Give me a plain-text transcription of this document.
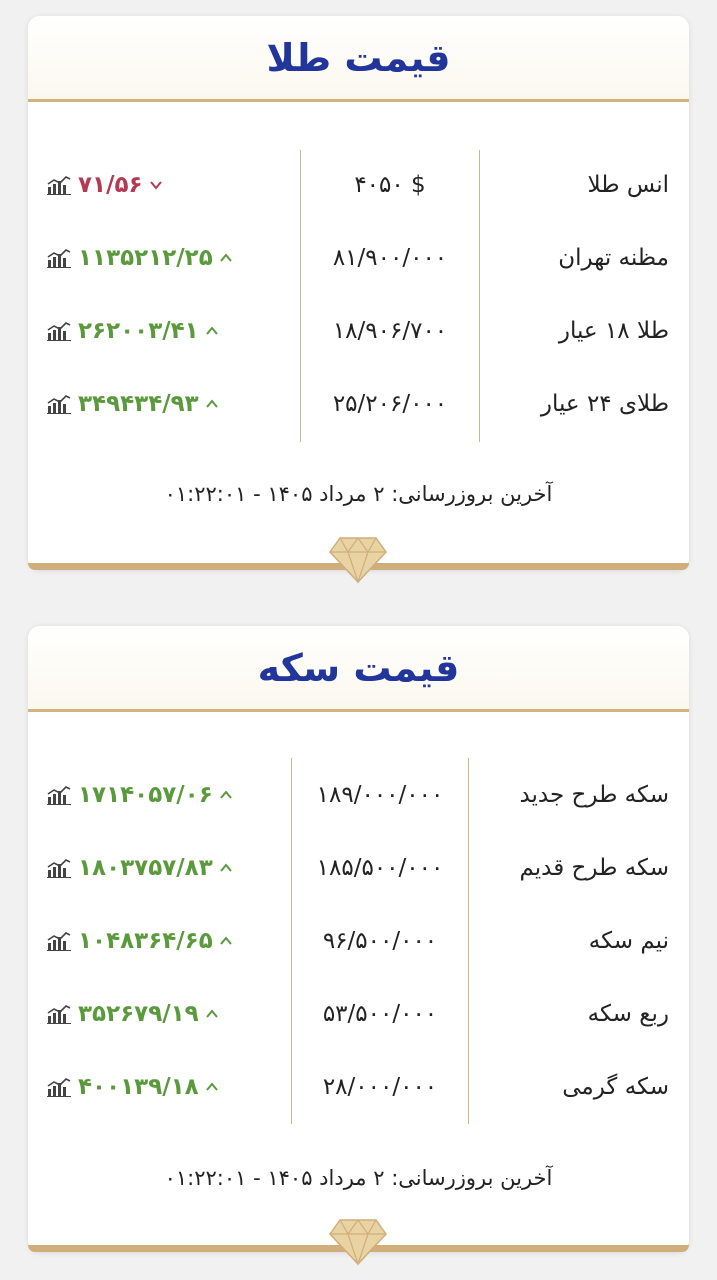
قیمت طلا
انس طلا
۴۰۵۰ $
۷۱/۵۶
مظنه تهران
۸۱/۹۰۰/۰۰۰
۱۱۳۵۲۱۲/۲۵
طلا ۱۸ عیار
۱۸/۹۰۶/۷۰۰
۲۶۲۰۰۳/۴۱
طلای ۲۴ عیار
۲۵/۲۰۶/۰۰۰
۳۴۹۴۳۴/۹۳
آخرین بروزرسانی: ۲ مرداد ۱۴۰۵ - ۰۱:۲۲:۰۱
قیمت سکه
سکه طرح جدید
۱۸۹/۰۰۰/۰۰۰
۱۷۱۴۰۵۷/۰۶
سکه طرح قدیم
۱۸۵/۵۰۰/۰۰۰
۱۸۰۳۷۵۷/۸۳
نیم سکه
۹۶/۵۰۰/۰۰۰
۱۰۴۸۳۶۴/۶۵
ربع سکه
۵۳/۵۰۰/۰۰۰
۳۵۲۶۷۹/۱۹
سکه گرمی
۲۸/۰۰۰/۰۰۰
۴۰۰۱۳۹/۱۸
آخرین بروزرسانی: ۲ مرداد ۱۴۰۵ - ۰۱:۲۲:۰۱
